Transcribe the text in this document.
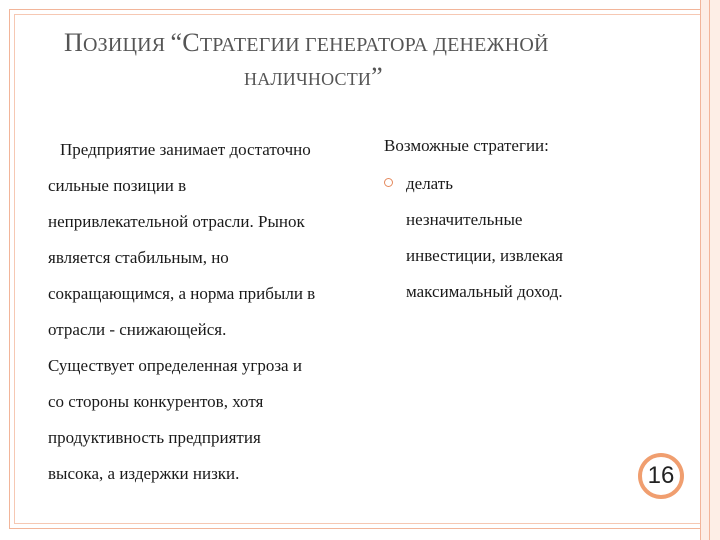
ПОЗИЦИЯ “СТРАТЕГИИ ГЕНЕРАТОРА ДЕНЕЖНОЙ
НАЛИЧНОСТИ”
Предприятие занимает достаточно
сильные позиции в
непривлекательной отрасли. Рынок
является стабильным, но
сокращающимся, а норма прибыли в
отрасли - снижающейся.
Существует определенная угроза и
со стороны конкурентов, хотя
продуктивность предприятия
высока, а издержки низки.
Возможные стратегии:
делать
незначительные
инвестиции, извлекая
максимальный доход.
16
